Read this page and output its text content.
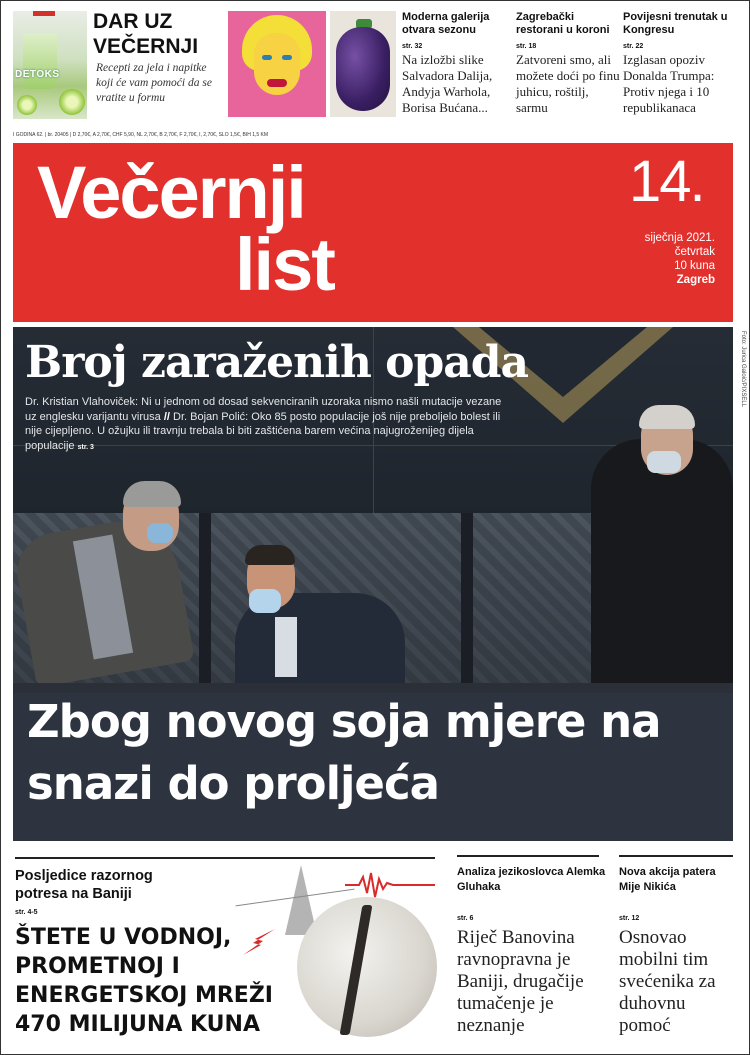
DETOKS
DAR UZ VEČERNJI

Recepti za jela i napitke koji će vam pomoći da se vratite u formu

Moderna galerija otvara sezonu

str. 32

Na izložbi slike Salvadora Dalija, Andyja Warhola, Borisa Bućana...

Zagrebački restorani u koroni

str. 18

Zatvoreni smo, ali možete doći po finu juhicu, roštilj, sarmu

Povijesni trenutak u Kongresu

str. 22

Izglasan opoziv Donalda Trumpa: Protiv njega i 10 republikanaca

I GODINA 62. | br. 20405 | D 2,70€, A 2,70€, CHF 5,90, NL 2,70€, B 2,70€, F 2,70€, I, 2,70€, SLO 1,5€, BIH 1,5 KM

Večernji
list
14.
siječnja 2021.
četvrtak
10 kuna
Zagreb
Broj zaraženih opada

Dr. Kristian Vlahoviček: Ni u jednom od dosad sekvenciranih uzoraka nismo našli mutacije vezane uz englesku varijantu virusa // Dr. Bojan Polić: Oko 85 posto populacije još nije preboljelo bolest ili nije cijepljeno. U ožujku ili travnju trebala bi biti zaštićena barem većina najugroženijeg dijela populacije str. 3

Zbog novog soja mjere na snazi do proljeća

Foto: Jurica Galoić/PIXSELL

Posljedice razornog potresa na Baniji

str. 4-5

ŠTETE U VODNOJ, PROMETNOJ I ENERGETSKOJ MREŽI 470 MILIJUNA KUNA

Analiza jezikoslovca Alemka Gluhaka

str. 6

Riječ Banovina ravnopravna je Baniji, drugačije tumačenje je neznanje

Nova akcija patera Mije Nikića

str. 12

Osnovao mobilni tim svećenika za duhovnu pomoć
